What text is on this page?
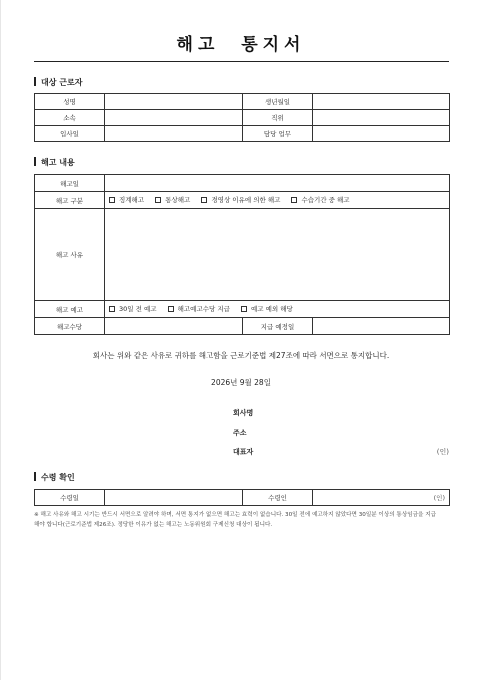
해고  통지서
대상 근로자
성명		생년월일	
소속		직위	
입사일		담당 업무	
해고 내용
해고일			
해고 구분	징계해고
통상해고
경영상 이유에 의한 해고
수습기간 중 해고		

해고 사유			
해고 예고	30일 전 예고
해고예고수당 지급
예고 예외 해당		

해고수당		지급 예정일	
회사는 위와 같은 사유로 귀하를 해고함을 근로기준법 제27조에 따라 서면으로 통지합니다.
2026년 9월 28일
회사명
주소
대표자	(인)
수령 확인
수령일		수령인	(인)
※ 해고 사유와 해고 시기는 반드시 서면으로 알려야 하며, 서면 통지가 없으면 해고는 효력이 없습니다. 30일 전에 예고하지 않았다면 30일분 이상의 통상임금을 지급해야 합니다(근로기준법 제26조). 정당한 이유가 없는 해고는 노동위원회 구제신청 대상이 됩니다.
